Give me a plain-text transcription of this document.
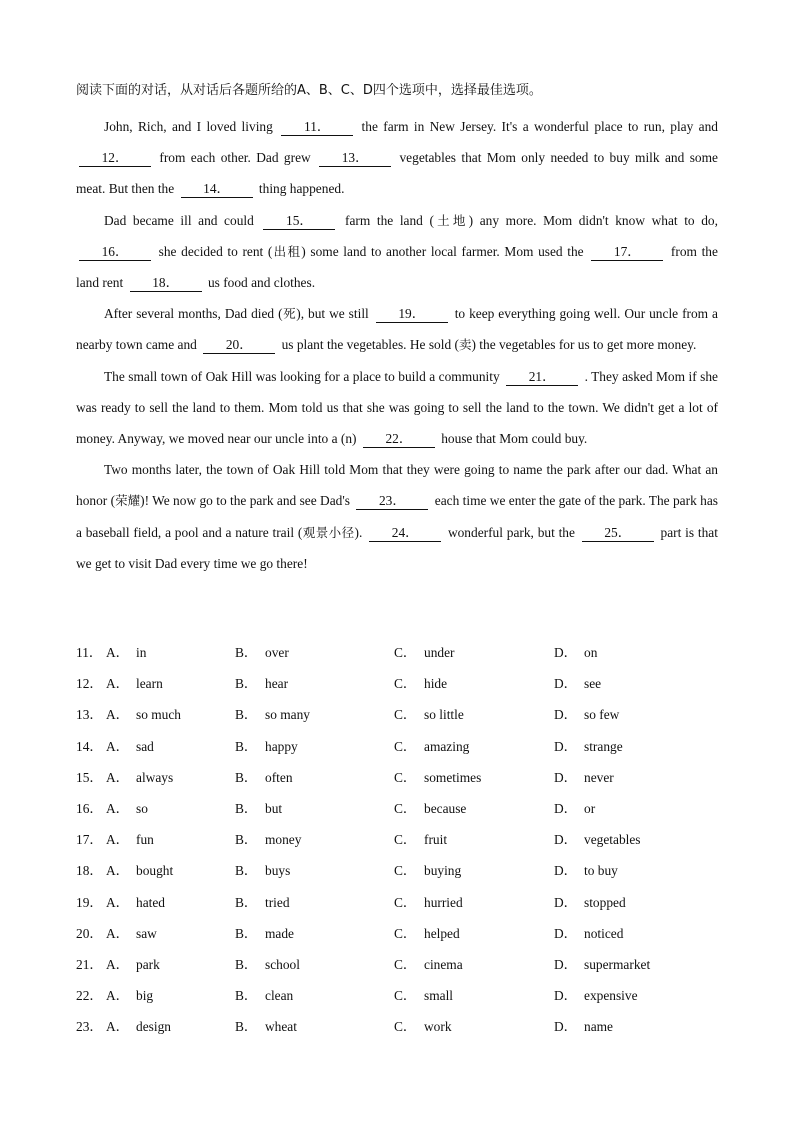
阅读下面的对话，从对话后各题所给的A、B、C、D四个选项中，选择最佳选项。

John, Rich, and I loved living 11． the farm in New Jersey. It's a wonderful place to run, play and 12． from each other. Dad grew 13． vegetables that Mom only needed to buy milk and some meat. But then the 14． thing happened.

Dad became ill and could 15． farm the land (土地) any more. Mom didn't know what to do, 16． she decided to rent (出租) some land to another local farmer. Mom used the 17． from the land rent 18． us food and clothes.

After several months, Dad died (死), but we still 19． to keep everything going well. Our uncle from a nearby town came and 20． us plant the vegetables. He sold (卖) the vegetables for us to get more money.

The small town of Oak Hill was looking for a place to build a community 21． . They asked Mom if she was ready to sell the land to them. Mom told us that she was going to sell the land to the town. We didn't get a lot of money. Anyway, we moved near our uncle into a (n) 22． house that Mom could buy.

Two months later, the town of Oak Hill told Mom that they were going to name the park after our dad. What an honor (荣耀)! We now go to the park and see Dad's 23． each time we enter the gate of the park. The park has a baseball field, a pool and a nature trail (观景小径). 24． wonderful park, but the 25． part is that we get to visit Dad every time we go there!

11． A． in	B． over	C． under	D． on
12． A． learn	B． hear	C． hide	D． see
13． A． so much	B． so many	C． so little	D． so few
14． A． sad	B． happy	C． amazing	D． strange
15． A． always	B． often	C． sometimes	D． never
16． A． so	B． but	C． because	D． or
17． A． fun	B． money	C． fruit	D． vegetables
18． A． bought	B． buys	C． buying	D． to buy
19． A． hated	B． tried	C． hurried	D． stopped
20． A． saw	B． made	C． helped	D． noticed
21． A． park	B． school	C． cinema	D． supermarket
22． A． big	B． clean	C． small	D． expensive
23． A． design	B． wheat	C． work	D． name
